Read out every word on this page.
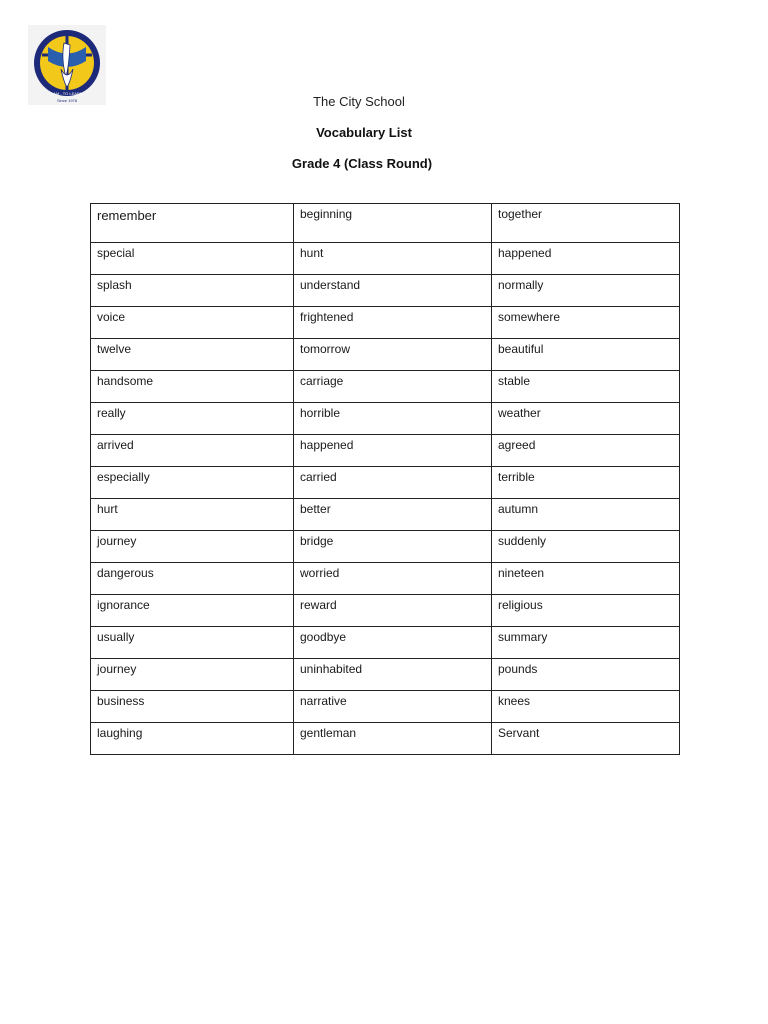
I AM - TO LEARN
Since 1978	The City School
Vocabulary List
Grade 4 (Class Round)
remember	beginning	together
special	hunt	happened
splash	understand	normally
voice	frightened	somewhere
twelve	tomorrow	beautiful
handsome	carriage	stable
really	horrible	weather
arrived	happened	agreed
especially	carried	terrible
hurt	better	autumn
journey	bridge	suddenly
dangerous	worried	nineteen
ignorance	reward	religious
usually	goodbye	summary
journey	uninhabited	pounds
business	narrative	knees
laughing	gentleman	Servant
